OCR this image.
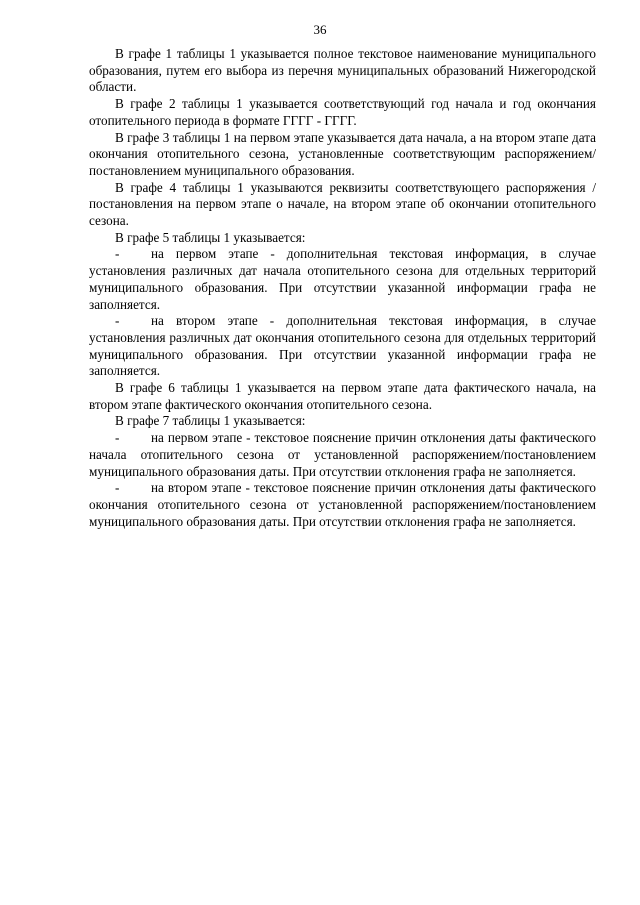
36

В графе 1 таблицы 1 указывается полное текстовое наименование муниципального образования, путем его выбора из перечня муниципальных образований Нижегородской области.

В графе 2 таблицы 1 указывается соответствующий год начала и год окончания отопительного периода в формате ГГГГ - ГГГГ.

В графе 3 таблицы 1 на первом этапе указывается дата начала, а на втором этапе дата окончания отопительного сезона, установленные соответствующим распоряжением/постановлением муниципального образования.

В графе 4 таблицы 1 указываются реквизиты соответствующего распоряжения / постановления на первом этапе о начале, на втором этапе об окончании отопительного сезона.

В графе 5 таблицы 1 указывается:

- на первом этапе - дополнительная текстовая информация, в случае установления различных дат начала отопительного сезона для отдельных территорий муниципального образования. При отсутствии указанной информации графа не заполняется.

- на втором этапе - дополнительная текстовая информация, в случае установления различных дат окончания отопительного сезона для отдельных территорий муниципального образования. При отсутствии указанной информации графа не заполняется.

В графе 6 таблицы 1 указывается на первом этапе дата фактического начала, на втором этапе фактического окончания отопительного сезона.

В графе 7 таблицы 1 указывается:

- на первом этапе - текстовое пояснение причин отклонения даты фактического начала отопительного сезона от установленной распоряжением/постановлением муниципального образования даты. При отсутствии отклонения графа не заполняется.

- на втором этапе - текстовое пояснение причин отклонения даты фактического окончания отопительного сезона от установленной распоряжением/постановлением муниципального образования даты. При отсутствии отклонения графа не заполняется.
